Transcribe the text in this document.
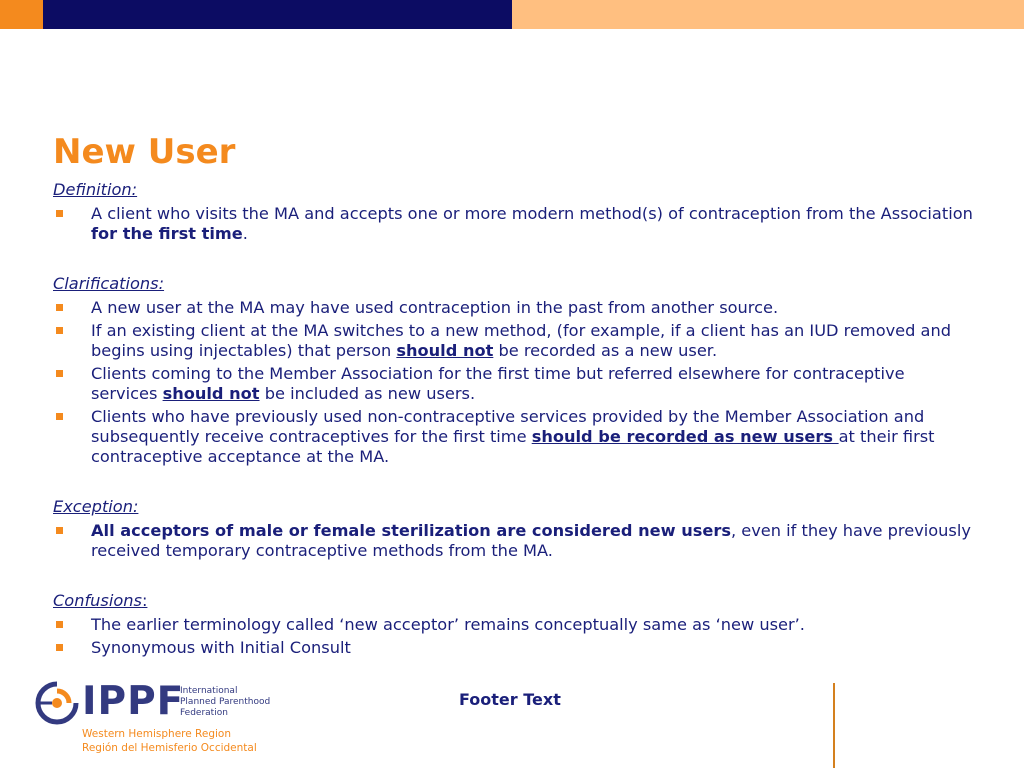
New User

Definition:

A client who visits the MA and accepts one or more modern method(s) of contraception from the Association for the first time.

Clarifications:

A new user at the MA may have used contraception in the past from another source.
If an existing client at the MA switches to a new method, (for example, if a client has an IUD removed and begins using injectables) that person should not be recorded as a new user.
Clients coming to the Member Association for the first time but referred elsewhere for contraceptive services should not be included as new users.
Clients who have previously used non-contraceptive services provided by the Member Association and subsequently receive contraceptives for the first time should be recorded as new users at their first contraceptive acceptance at the MA.

Exception:

All acceptors of male or female sterilization are considered new users, even if they have previously received temporary contraceptive methods from the MA.

Confusions:

The earlier terminology called ‘new acceptor’ remains conceptually same as ‘new user’.
Synonymous with Initial Consult
IPPF
International
Planned Parenthood
Federation
Western Hemisphere Region
Región del Hemisferio Occidental
Footer Text
